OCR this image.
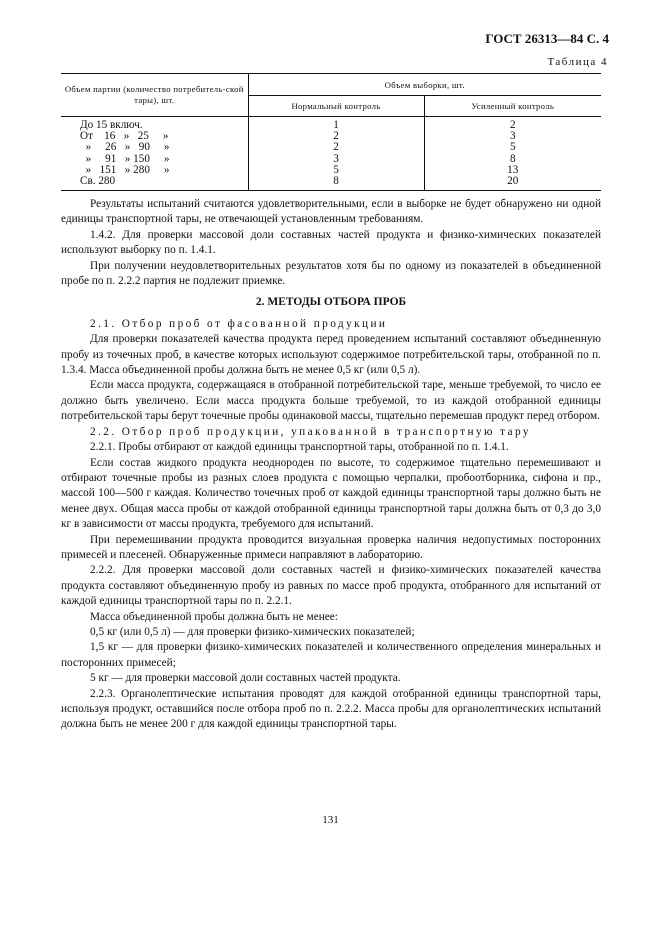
ГОСТ 26313—84 С. 4
Таблица 4
Объем партии (количество потребитель-ской тары), шт.	Объем выборки, шт.	
	Нормальный контроль	Усиленный контроль
До 15 включ.	1	2
От    16   »   25     »	2	3
»     26   »   90     »	2	5
»     91   » 150     »	3	8
»   151   » 280     »	5	13
Св. 280	8	20

Результаты испытаний считаются удовлетворительными, если в выборке не будет обнаружено ни одной единицы транспортной тары, не отвечающей установленным требованиям.

1.4.2. Для проверки массовой доли составных частей продукта и физико-химических показателей используют выборку по п. 1.4.1.

При получении неудовлетворительных результатов хотя бы по одному из показателей в объединенной пробе по п. 2.2.2 партия не подлежит приемке.

2. МЕТОДЫ ОТБОРА ПРОБ

2.1. Отбор проб от фасованной продукции

Для проверки показателей качества продукта перед проведением испытаний составляют объединенную пробу из точечных проб, в качестве которых используют содержимое потребительской тары, отобранной по п. 1.3.4. Масса объединенной пробы должна быть не менее 0,5 кг (или 0,5 л).

Если масса продукта, содержащаяся в отобранной потребительской таре, меньше требуемой, то число ее должно быть увеличено. Если масса продукта больше требуемой, то из каждой отобранной единицы потребительской тары берут точечные пробы одинаковой массы, тщательно перемешав продукт перед отбором.

2.2. Отбор проб продукции, упакованной в транспортную тару

2.2.1. Пробы отбирают от каждой единицы транспортной тары, отобранной по п. 1.4.1.

Если состав жидкого продукта неоднороден по высоте, то содержимое тщательно перемешивают и отбирают точечные пробы из разных слоев продукта с помощью черпалки, пробоотборника, сифона и пр., массой 100—500 г каждая. Количество точечных проб от каждой единицы транспортной тары должно быть не менее двух. Общая масса пробы от каждой отобранной единицы транспортной тары должна быть от 0,3 до 3,0 кг в зависимости от массы продукта, требуемого для испытаний.

При перемешивании продукта проводится визуальная проверка наличия недопустимых посторонних примесей и плесеней. Обнаруженные примеси направляют в лабораторию.

2.2.2. Для проверки массовой доли составных частей и физико-химических показателей качества продукта составляют объединенную пробу из равных по массе проб продукта, отобранного для испытаний от каждой единицы транспортной тары по п. 2.2.1.

Масса объединенной пробы должна быть не менее:

0,5 кг (или 0,5 л) — для проверки физико-химических показателей;

1,5 кг — для проверки физико-химических показателей и количественного определения минеральных и посторонних примесей;

5 кг — для проверки массовой доли составных частей продукта.

2.2.3. Органолептические испытания проводят для каждой отобранной единицы транспортной тары, используя продукт, оставшийся после отбора проб по п. 2.2.2. Масса пробы для органолептических испытаний должна быть не менее 200 г для каждой единицы транспортной тары.

131
